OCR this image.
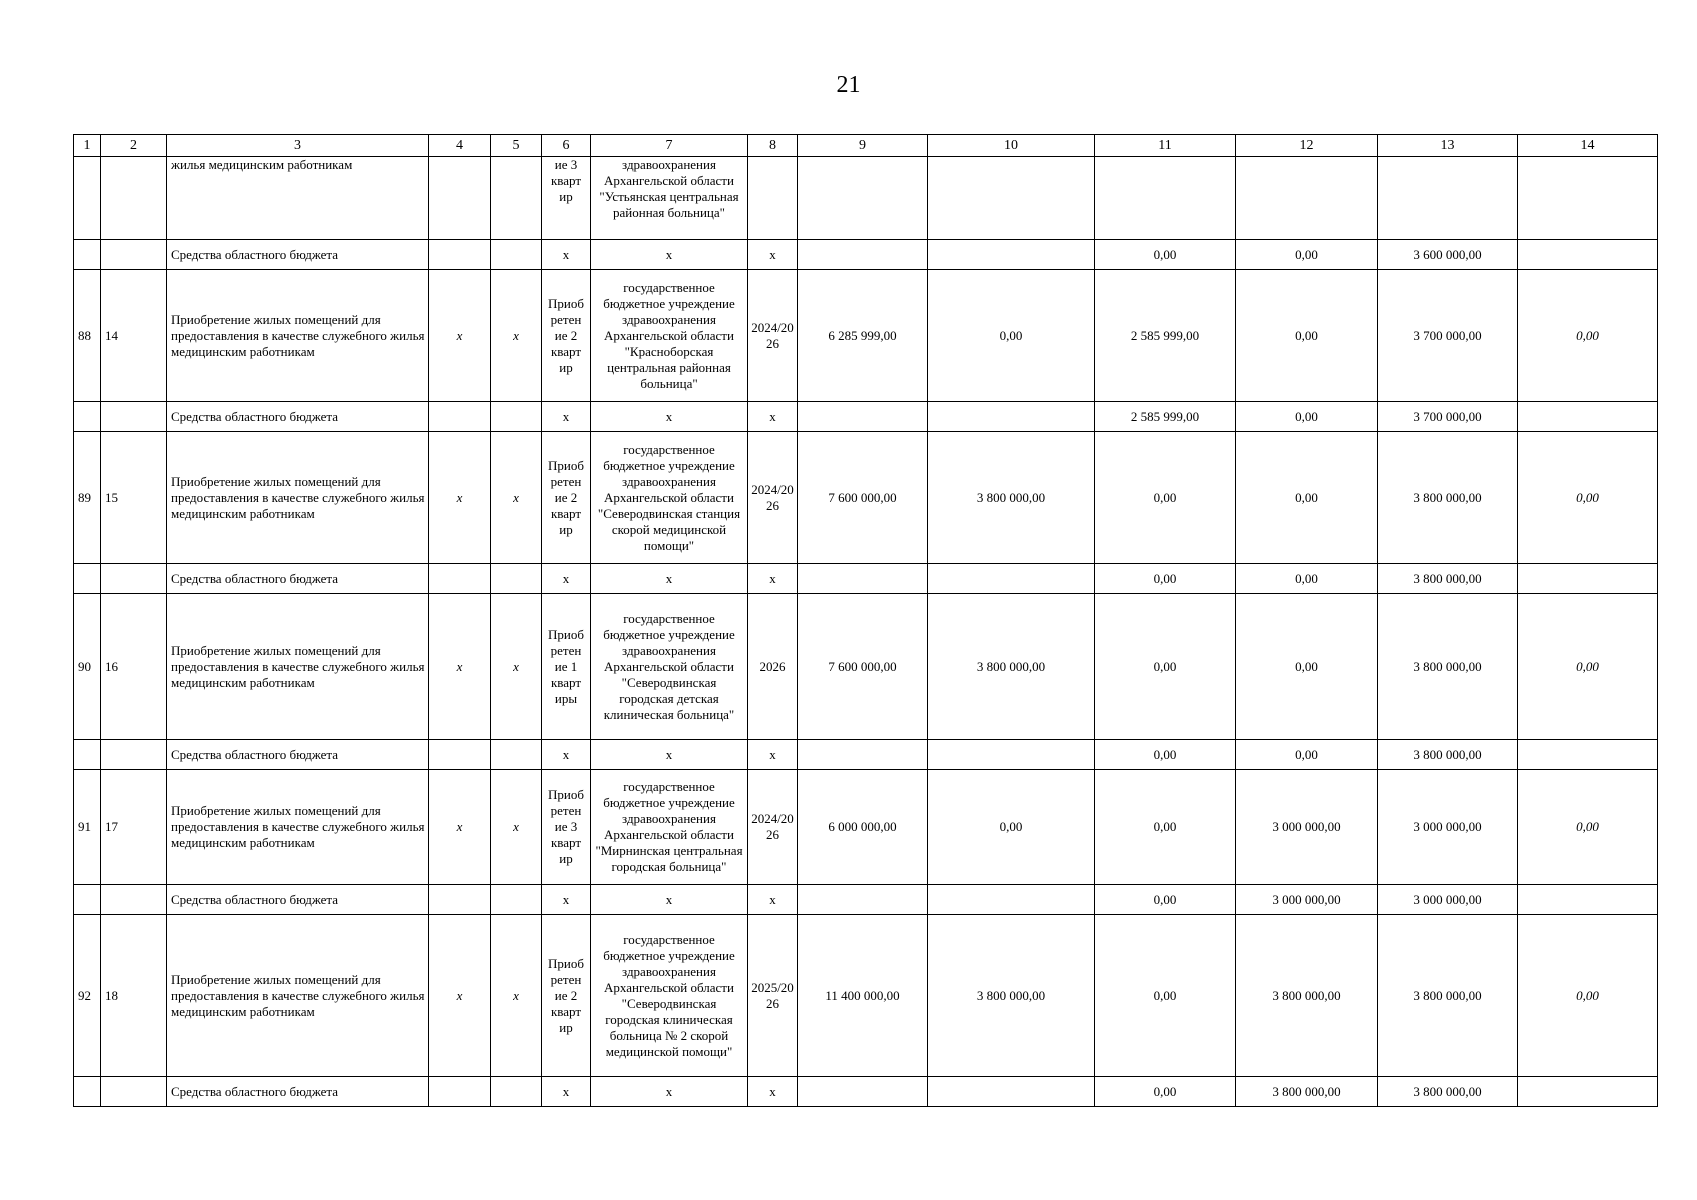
21
1	2	3	4	5	6	7	8	9	10	11	12	13	14
		жилья медицинским работникам			ие 3 кварт ир	здравоохранения Архангельской области "Устьянская центральная районная больница"							
		Средства областного бюджета			х	х	х			0,00	0,00	3 600 000,00	
88	14	Приобретение жилых помещений для предоставления в качестве служебного жилья медицинским работникам	х	х	Приоб ретен ие 2 кварт ир	государственное бюджетное учреждение здравоохранения Архангельской области "Красноборская центральная районная больница"	2024/20 26	6 285 999,00	0,00	2 585 999,00	0,00	3 700 000,00	0,00
		Средства областного бюджета			х	х	х			2 585 999,00	0,00	3 700 000,00	
89	15	Приобретение жилых помещений для предоставления в качестве служебного жилья медицинским работникам	х	х	Приоб ретен ие 2 кварт ир	государственное бюджетное учреждение здравоохранения Архангельской области "Северодвинская станция скорой медицинской помощи"	2024/20 26	7 600 000,00	3 800 000,00	0,00	0,00	3 800 000,00	0,00
		Средства областного бюджета			х	х	х			0,00	0,00	3 800 000,00	
90	16	Приобретение жилых помещений для предоставления в качестве служебного жилья медицинским работникам	х	х	Приоб ретен ие 1 кварт иры	государственное бюджетное учреждение здравоохранения Архангельской области "Северодвинская городская детская клиническая больница"	2026	7 600 000,00	3 800 000,00	0,00	0,00	3 800 000,00	0,00
		Средства областного бюджета			х	х	х			0,00	0,00	3 800 000,00	
91	17	Приобретение жилых помещений для предоставления в качестве служебного жилья медицинским работникам	х	х	Приоб ретен ие 3 кварт ир	государственное бюджетное учреждение здравоохранения Архангельской области "Мирнинская центральная городская больница"	2024/20 26	6 000 000,00	0,00	0,00	3 000 000,00	3 000 000,00	0,00
		Средства областного бюджета			х	х	х			0,00	3 000 000,00	3 000 000,00	
92	18	Приобретение жилых помещений для предоставления в качестве служебного жилья медицинским работникам	х	х	Приоб ретен ие 2 кварт ир	государственное бюджетное учреждение здравоохранения Архангельской области "Северодвинская городская клиническая больница № 2 скорой медицинской помощи"	2025/20 26	11 400 000,00	3 800 000,00	0,00	3 800 000,00	3 800 000,00	0,00
		Средства областного бюджета			х	х	х			0,00	3 800 000,00	3 800 000,00	
